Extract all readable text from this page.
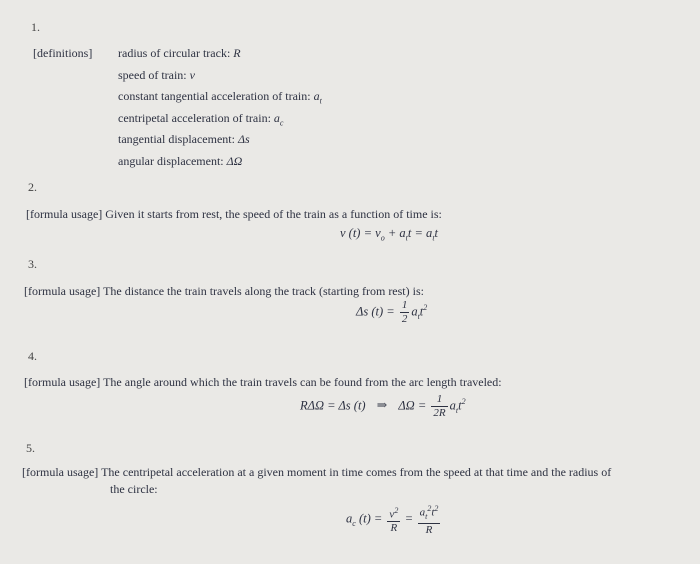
1.
[definitions] radius of circular track: R
speed of train: v
constant tangential acceleration of train: $a_t$
centripetal acceleration of train: $a_c$
tangential displacement: Δs
angular displacement: ΔΩ
2.
[formula usage] Given it starts from rest, the speed of the train as a function of time is:
v $(t) = v_o + a_tt = a_tt$
3.
[formula usage] The distance the train travels along the track (starting from rest) is:
Δs $(t) = \frac{1}{2} a_tt^2$
4.
[formula usage] The angle around which the train travels can be found from the arc length traveled:
RΔΩ = Δs (t) ⇒ $\Delta\Omega = \frac{1}{2R} a_tt^2$
5.
[formula usage] The centripetal acceleration at a given moment in time comes from the speed at that time and the radius of
the circle:
$a_c$ $(t) = \frac{v^2}{R} = \frac{a_t^2t^2}{R}$
